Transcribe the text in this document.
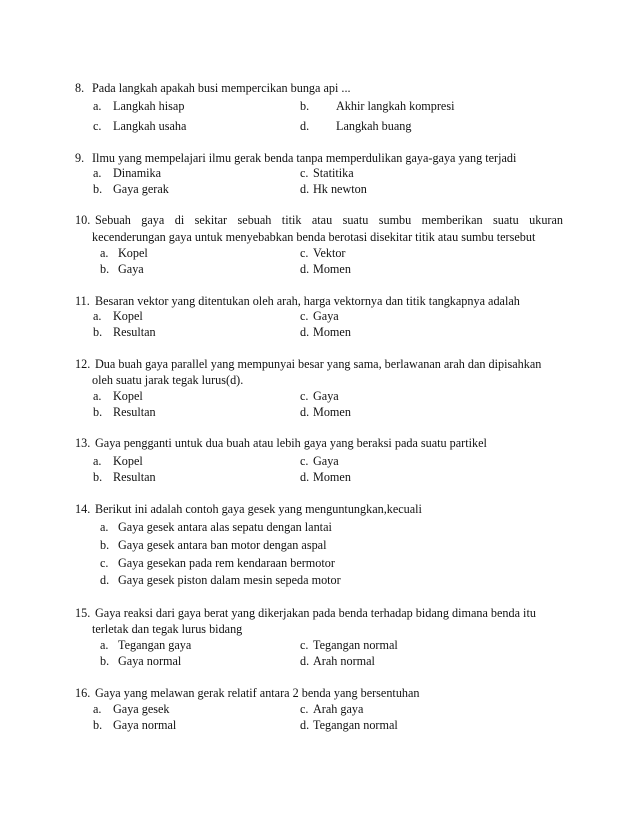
8. Pada langkah apakah busi mempercikan bunga api ...
a. Langkah hisap	b. Akhir langkah kompresi
c. Langkah usaha	d. Langkah buang
9. Ilmu yang mempelajari ilmu gerak benda tanpa memperdulikan gaya-gaya yang terjadi
a. Dinamika	c. Statitika
b. Gaya gerak	d. Hk newton
10. Sebuah gaya di sekitar sebuah titik atau suatu sumbu memberikan suatu ukuran
kecenderungan gaya untuk menyebabkan benda berotasi disekitar titik atau sumbu tersebut
a. Kopel	c. Vektor
b. Gaya	d. Momen
11. Besaran vektor yang ditentukan oleh arah, harga vektornya dan titik tangkapnya adalah
a. Kopel	c. Gaya
b. Resultan	d. Momen
12. Dua buah gaya parallel yang mempunyai besar yang sama, berlawanan arah dan dipisahkan
oleh suatu jarak tegak lurus(d).
a. Kopel	c. Gaya
b. Resultan	d. Momen
13. Gaya pengganti untuk dua buah atau lebih gaya yang beraksi pada suatu partikel
a. Kopel	c. Gaya
b. Resultan	d. Momen
14. Berikut ini adalah contoh gaya gesek yang menguntungkan,kecuali
a. Gaya gesek antara alas sepatu dengan lantai
b. Gaya gesek antara ban motor dengan aspal
c. Gaya gesekan pada rem kendaraan bermotor
d. Gaya gesek piston dalam mesin sepeda motor
15. Gaya reaksi dari gaya berat yang dikerjakan pada benda terhadap bidang dimana benda itu
terletak dan tegak lurus bidang
a. Tegangan gaya	c. Tegangan normal
b. Gaya normal	d. Arah normal
16. Gaya yang melawan gerak relatif antara 2 benda yang bersentuhan
a. Gaya gesek	c. Arah gaya
b. Gaya normal	d. Tegangan normal
